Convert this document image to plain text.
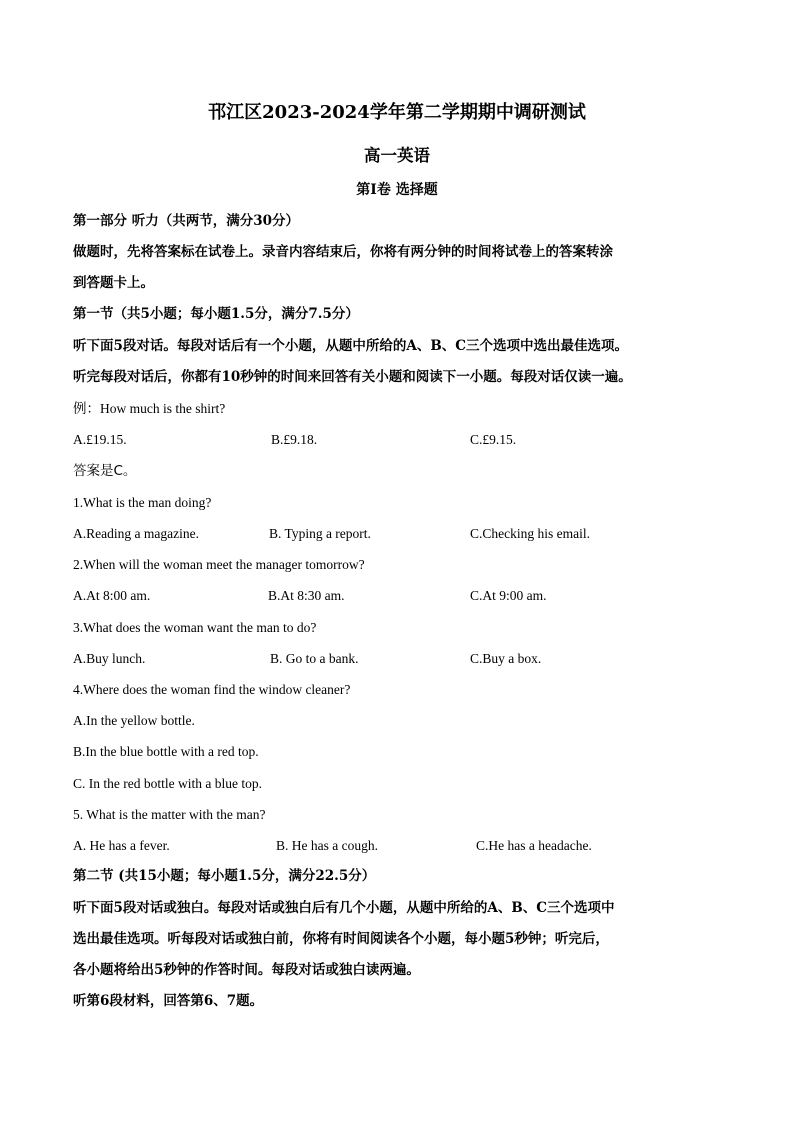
邗江区2023-2024学年第二学期期中调研测试
高一英语
第I卷 选择题
第一部分 听力（共两节，满分30分）
做题时，先将答案标在试卷上。录音内容结束后，你将有两分钟的时间将试卷上的答案转涂
到答题卡上。
第一节（共5小题；每小题1.5分，满分7.5分）
听下面5段对话。每段对话后有一个小题，从题中所给的A、B、C三个选项中选出最佳选项。
听完每段对话后，你都有10秒钟的时间来回答有关小题和阅读下一小题。每段对话仅读一遍。
例：How much is the shirt?
A.£19.15.	B.£9.18.	C.£9.15.
答案是C。
1.What is the man doing?
A.Reading a magazine.	B. Typing a report.	C.Checking his email.
2.When will the woman meet the manager tomorrow?
A.At 8:00 am.	B.At 8:30 am.	C.At 9:00 am.
3.What does the woman want the man to do?
A.Buy lunch.	B. Go to a bank.	C.Buy a box.
4.Where does the woman find the window cleaner?
A.In the yellow bottle.
B.In the blue bottle with a red top.
C. In the red bottle with a blue top.
5. What is the matter with the man?
A. He has a fever.	B. He has a cough.	C.He has a headache.
第二节 (共15小题；每小题1.5分，满分22.5分）
听下面5段对话或独白。每段对话或独白后有几个小题，从题中所给的A、B、C三个选项中
选出最佳选项。听每段对话或独白前，你将有时间阅读各个小题，每小题5秒钟；听完后，
各小题将给出5秒钟的作答时间。每段对话或独白读两遍。
听第6段材料，回答第6、7题。
